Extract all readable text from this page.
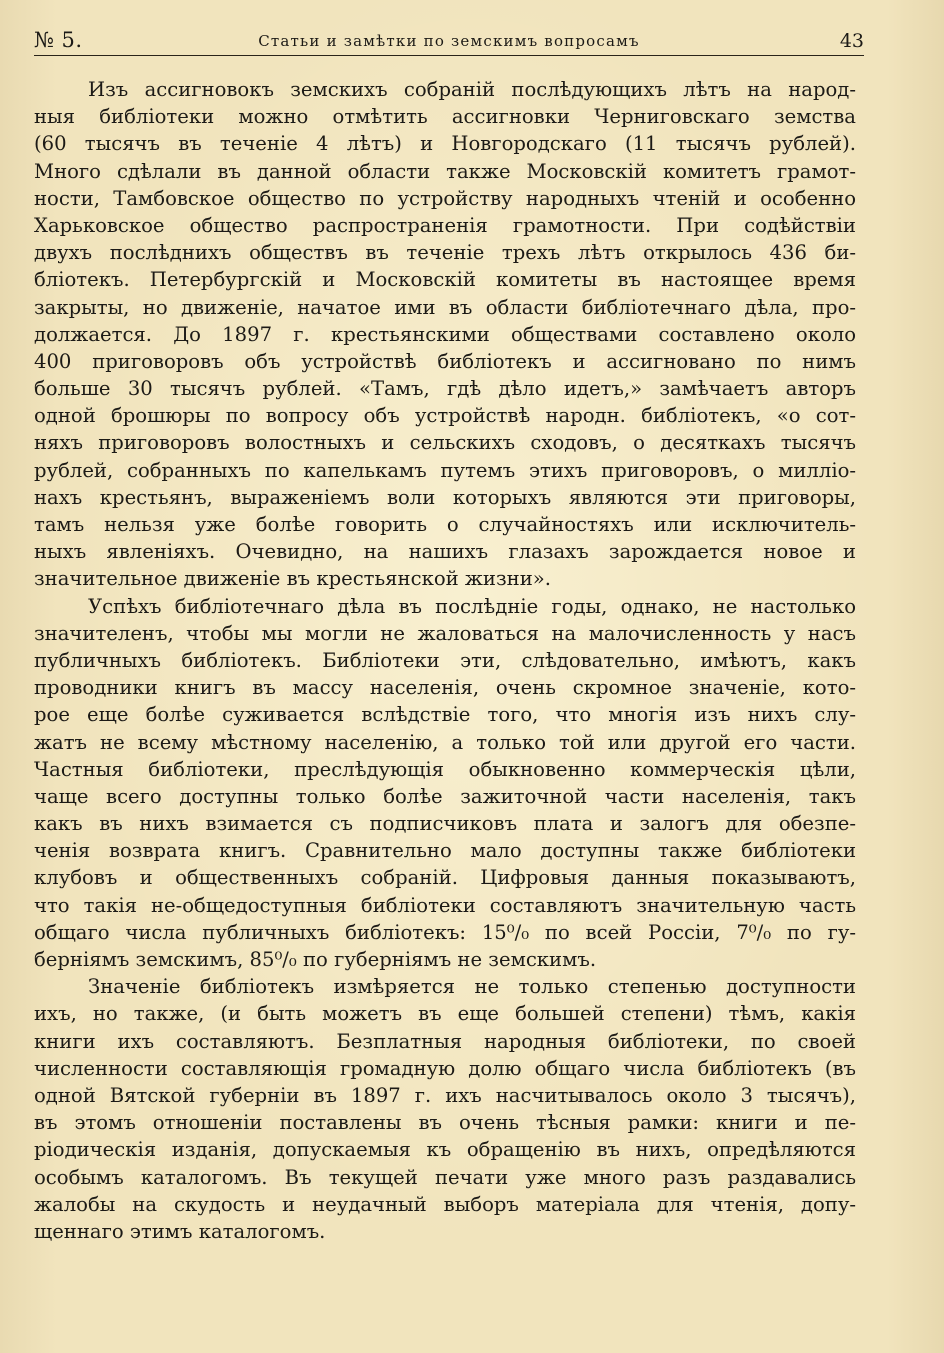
№ 5.	Статьи и замѣтки по земскимъ вопросамъ	43
Изъ ассигновокъ земскихъ собраній послѣдующихъ лѣтъ на народ-
ныя библіотеки можно отмѣтить ассигновки Черниговскаго земства
(60 тысячъ въ теченіе 4 лѣтъ) и Новгородскаго (11 тысячъ рублей).
Много сдѣлали въ данной области также Московскій комитетъ грамот-
ности, Тамбовское общество по устройству народныхъ чтеній и особенно
Харьковское общество распространенія грамотности. При содѣйствіи
двухъ послѣднихъ обществъ въ теченіе трехъ лѣтъ открылось 436 би-
бліотекъ. Петербургскій и Московскій комитеты въ настоящее время
закрыты, но движеніе, начатое ими въ области библіотечнаго дѣла, про-
должается. До 1897 г. крестьянскими обществами составлено около
400 приговоровъ объ устройствѣ библіотекъ и ассигновано по нимъ
больше 30 тысячъ рублей. «Тамъ, гдѣ дѣло идетъ,» замѣчаетъ авторъ
одной брошюры по вопросу объ устройствѣ народн. библіотекъ, «о сот-
няхъ приговоровъ волостныхъ и сельскихъ сходовъ, о десяткахъ тысячъ
рублей, собранныхъ по капелькамъ путемъ этихъ приговоровъ, о милліо-
нахъ крестьянъ, выраженіемъ воли которыхъ являются эти приговоры,
тамъ нельзя уже болѣе говорить о случайностяхъ или исключитель-
ныхъ явленіяхъ. Очевидно, на нашихъ глазахъ зарождается новое и
значительное движеніе въ крестьянской жизни».
Успѣхъ библіотечнаго дѣла въ послѣдніе годы, однако, не настолько
значителенъ, чтобы мы могли не жаловаться на малочисленность у насъ
публичныхъ библіотекъ. Библіотеки эти, слѣдовательно, имѣютъ, какъ
проводники книгъ въ массу населенія, очень скромное значеніе, кото-
рое еще болѣе суживается вслѣдствіе того, что многія изъ нихъ слу-
жатъ не всему мѣстному населенію, а только той или другой его части.
Частныя библіотеки, преслѣдующія обыкновенно коммерческія цѣли,
чаще всего доступны только болѣе зажиточной части населенія, такъ
какъ въ нихъ взимается съ подписчиковъ плата и залогъ для обезпе-
ченія возврата книгъ. Сравнительно мало доступны также библіотеки
клубовъ и общественныхъ собраній. Цифровыя данныя показываютъ,
что такія не-общедоступныя библіотеки составляютъ значительную часть
общаго числа публичныхъ библіотекъ: 15⁰/₀ по всей Россіи, 7⁰/₀ по гу-
берніямъ земскимъ, 85⁰/₀ по губерніямъ не земскимъ.
Значеніе библіотекъ измѣряется не только степенью доступности
ихъ, но также, (и быть можетъ въ еще большей степени) тѣмъ, какія
книги ихъ составляютъ. Безплатныя народныя библіотеки, по своей
численности составляющія громадную долю общаго числа библіотекъ (въ
одной Вятской губерніи въ 1897 г. ихъ насчитывалось около 3 тысячъ),
въ этомъ отношеніи поставлены въ очень тѣсныя рамки: книги и пе-
ріодическія изданія, допускаемыя къ обращенію въ нихъ, опредѣляются
особымъ каталогомъ. Въ текущей печати уже много разъ раздавались
жалобы на скудость и неудачный выборъ матеріала для чтенія, допу-
щеннаго этимъ каталогомъ.
